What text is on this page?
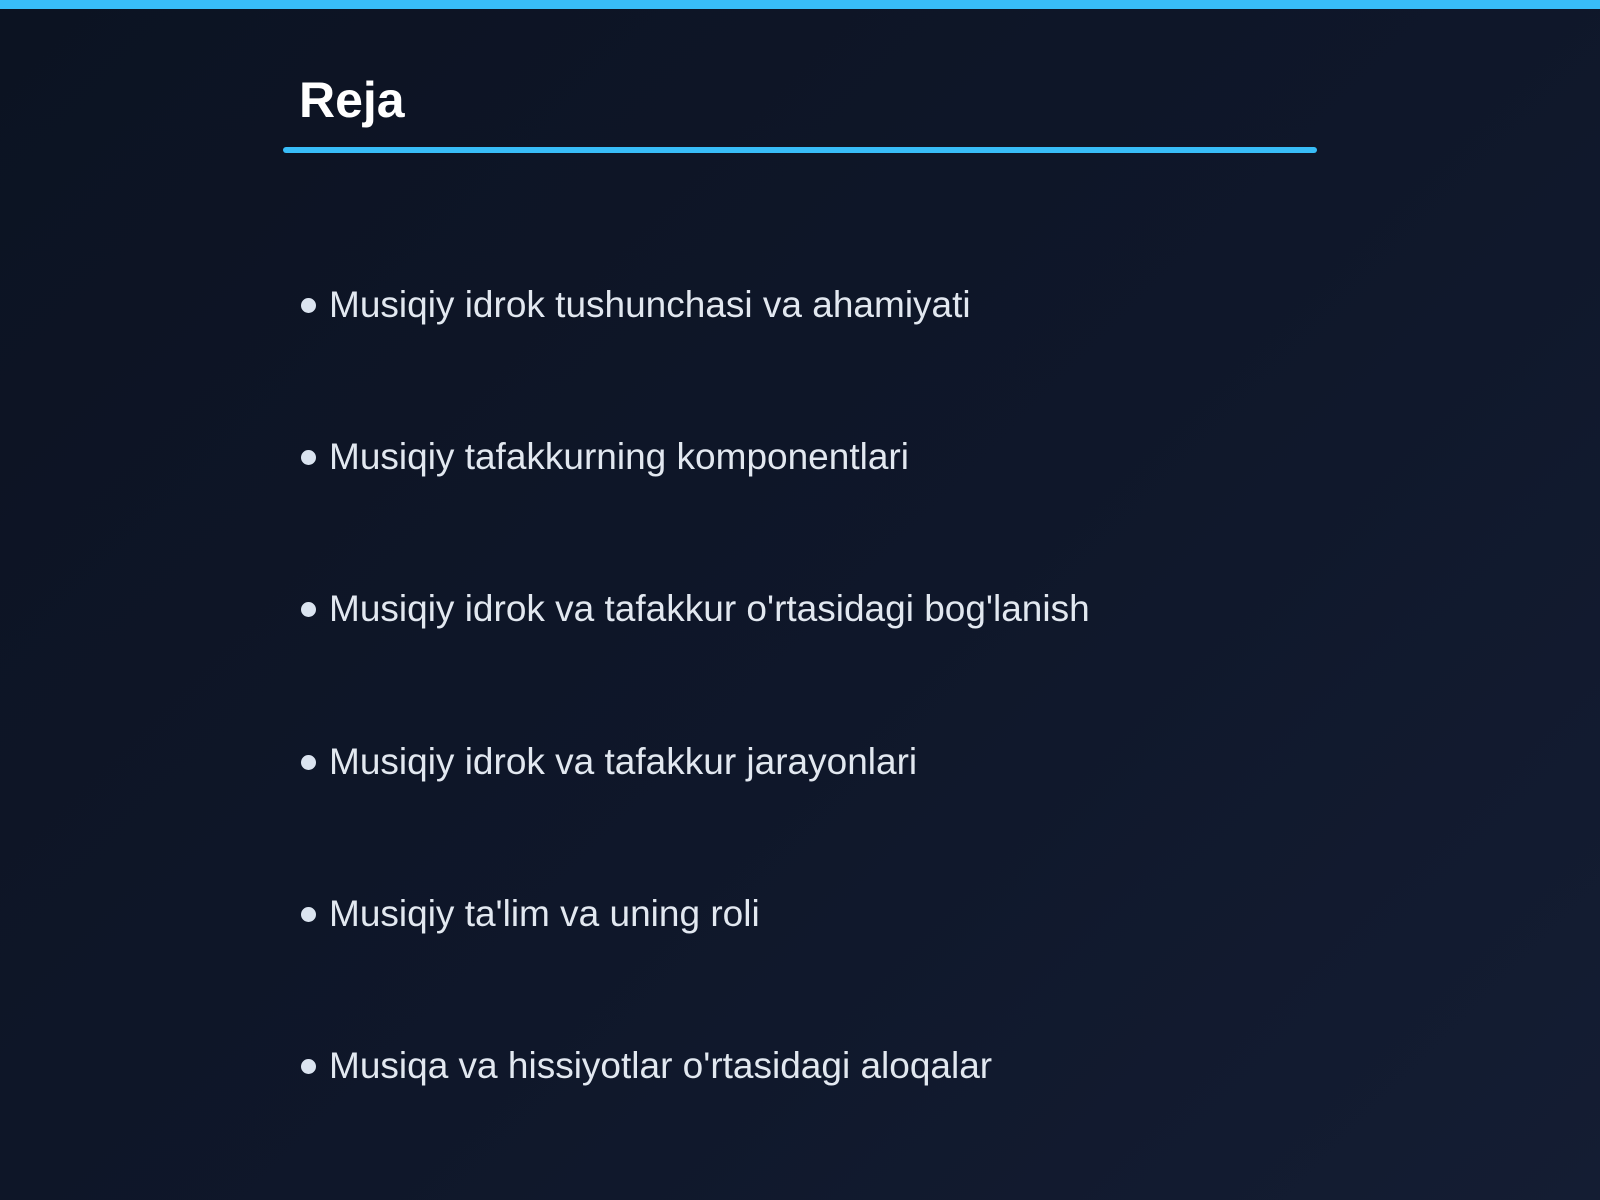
Reja
Musiqiy idrok tushunchasi va ahamiyati
Musiqiy tafakkurning komponentlari
Musiqiy idrok va tafakkur o'rtasidagi bog'lanish
Musiqiy idrok va tafakkur jarayonlari
Musiqiy ta'lim va uning roli
Musiqa va hissiyotlar o'rtasidagi aloqalar
